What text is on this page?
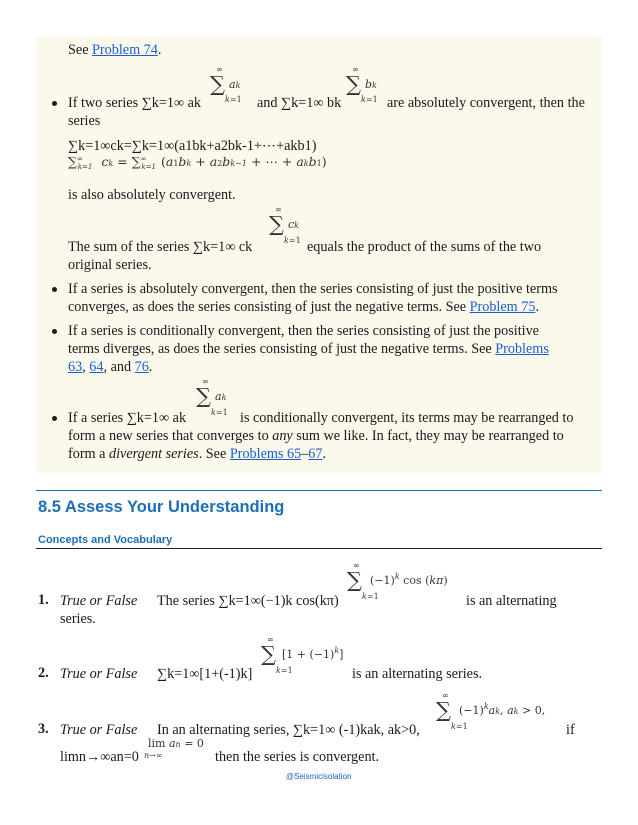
See Problem 74.
If two series ∑k=1∞ ak
∞
∑ ak
k=1 and ∑k=1∞ bk
∞
∑ bk
k=1 are absolutely convergent, then the
series
∑k=1∞ck=∑k=1∞(a1bk+a2bk-1+⋯+akb1)
$\sum^\infty_{k=1}$ ck = $\sum^\infty_{k=1}$ (a1bk + a2bk−1 + ⋯ + akb1)
is also absolutely convergent.
The sum of the series ∑k=1∞ ck
∞
∑ ck
k=1 equals the product of the sums of the two
original series.
If a series is absolutely convergent, then the series consisting of just the positive terms
converges, as does the series consisting of just the negative terms. See Problem 75.
If a series is conditionally convergent, then the series consisting of just the positive
terms diverges, as does the series consisting of just the negative terms. See Problems
63, 64, and 76.
If a series ∑k=1∞ ak
∞
∑ ak
k=1 is conditionally convergent, its terms may be rearranged to
form a new series that converges to any sum we like. In fact, they may be rearranged to
form a divergent series. See Problems 65–67.
8.5 Assess Your Understanding
Concepts and Vocabulary
1. True or False The series ∑k=1∞(−1)k cos(kπ)
∞
∑ $(-1)^k$ cos (kπ)
k=1	is an alternating
series.
2. True or False ∑k=1∞[1+(-1)k]
∞
∑ $[1 + (-1)^k]$
k=1	is an alternating series.
3. True or False In an alternating series, ∑k=1∞ (-1)kak, ak>0,
∞
∑ $(-1)^kak$, ak > 0,
k=1	if
limn→∞an=0
lim an = 0
n→∞	then the series is convergent.
@Seismicisolation
